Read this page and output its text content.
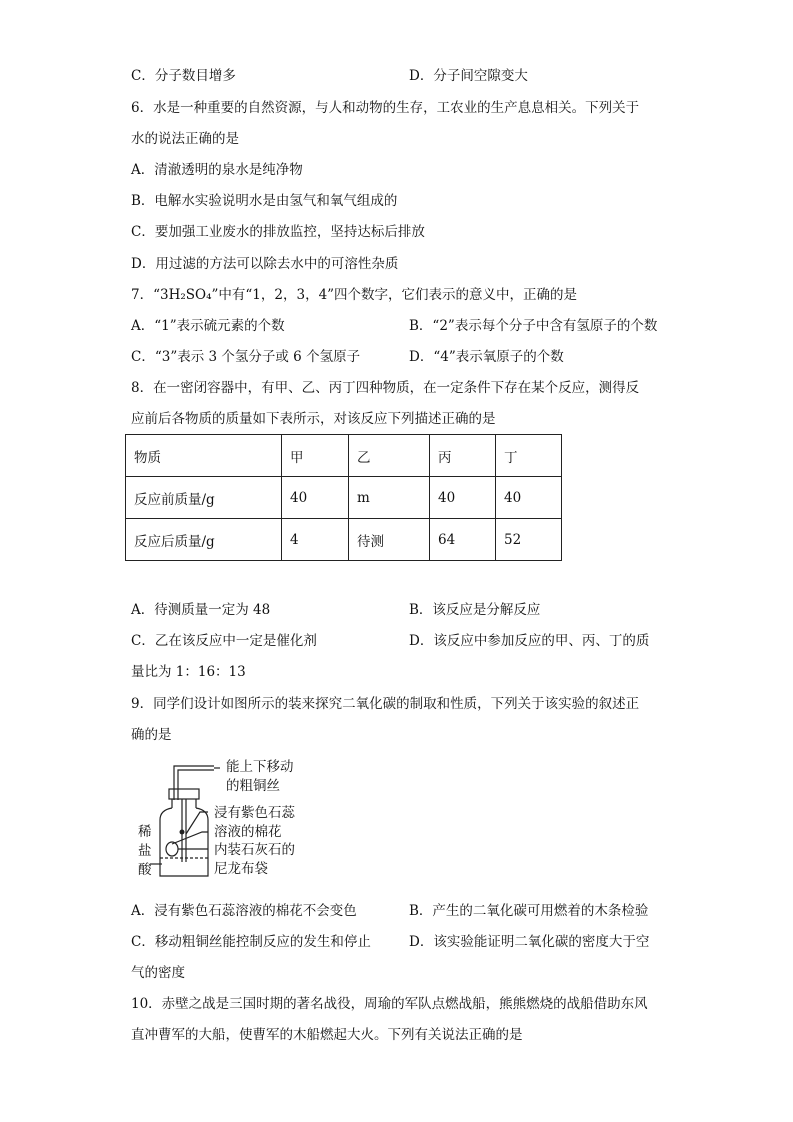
C．分子数目增多	D．分子间空隙变大
6．水是一种重要的自然资源，与人和动物的生存，工农业的生产息息相关。下列关于
水的说法正确的是
A．清澈透明的泉水是纯净物
B．电解水实验说明水是由氢气和氧气组成的
C．要加强工业废水的排放监控，坚持达标后排放
D．用过滤的方法可以除去水中的可溶性杂质
7．“3H₂SO₄”中有“1，2，3，4”四个数字，它们表示的意义中，正确的是
A．“1”表示硫元素的个数	B．“2”表示每个分子中含有氢原子的个数
C．“3”表示 3 个氢分子或 6 个氢原子	D．“4”表示氧原子的个数
8．在一密闭容器中，有甲、乙、丙丁四种物质，在一定条件下存在某个反应，测得反
应前后各物质的质量如下表所示，对该反应下列描述正确的是
物质	甲	乙	丙	丁
反应前质量/g	40	m	40	40
反应后质量/g	4	待测	64	52
A．待测质量一定为 48	B．该反应是分解反应
C．乙在该反应中一定是催化剂	D．该反应中参加反应的甲、丙、丁的质
量比为 1：16：13
9．同学们设计如图所示的装来探究二氧化碳的制取和性质，下列关于该实验的叙述正
确的是
能上下移动
的粗铜丝
浸有紫色石蕊
溶液的棉花
内装石灰石的
尼龙布袋
稀
盐
酸
A．浸有紫色石蕊溶液的棉花不会变色	B．产生的二氧化碳可用燃着的木条检验
C．移动粗铜丝能控制反应的发生和停止	D．该实验能证明二氧化碳的密度大于空
气的密度
10．赤壁之战是三国时期的著名战役，周瑜的军队点燃战船，熊熊燃烧的战船借助东风
直冲曹军的大船，使曹军的木船燃起大火。下列有关说法正确的是
